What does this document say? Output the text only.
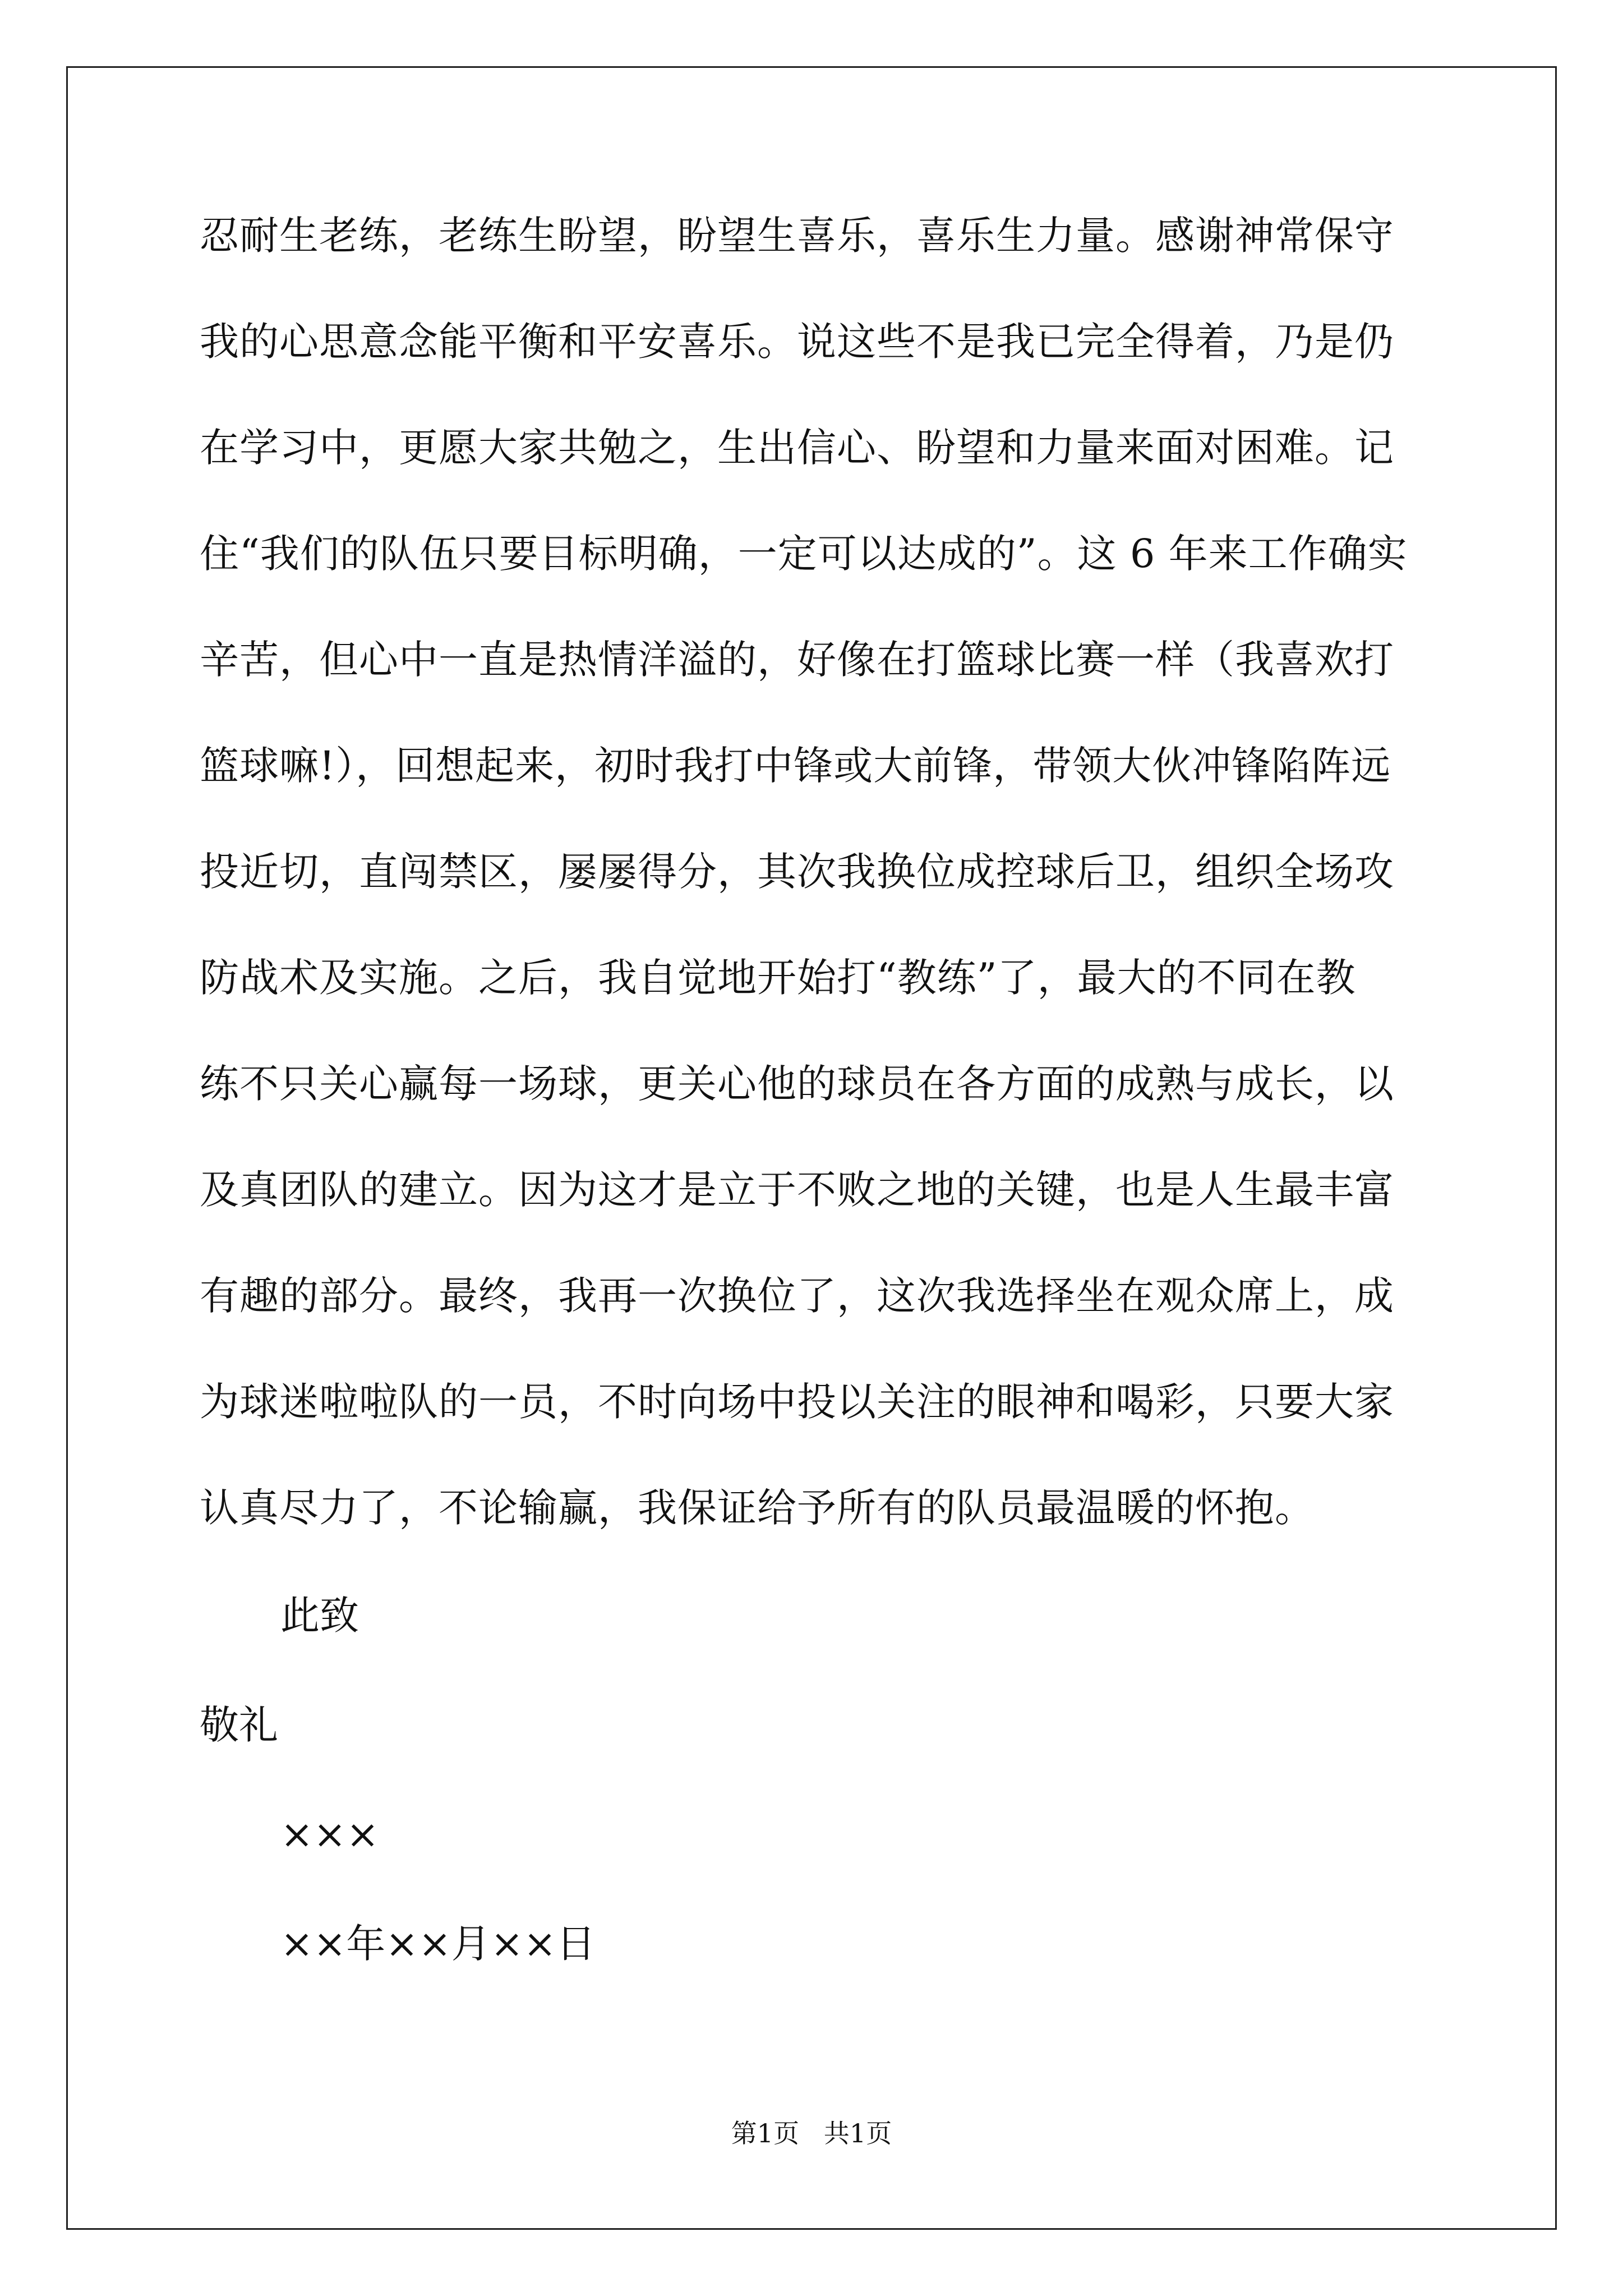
忍耐生老练，老练生盼望，盼望生喜乐，喜乐生力量。感谢神常保守
我的心思意念能平衡和平安喜乐。说这些不是我已完全得着，乃是仍
在学习中，更愿大家共勉之，生出信心、盼望和力量来面对困难。记
住“我们的队伍只要目标明确，一定可以达成的”。这 6 年来工作确实
辛苦，但心中一直是热情洋溢的，好像在打篮球比赛一样（我喜欢打
篮球嘛!），回想起来，初时我打中锋或大前锋，带领大伙冲锋陷阵远
投近切，直闯禁区，屡屡得分，其次我换位成控球后卫，组织全场攻
防战术及实施。之后，我自觉地开始打“教练”了，最大的不同在教
练不只关心赢每一场球，更关心他的球员在各方面的成熟与成长，以
及真团队的建立。因为这才是立于不败之地的关键，也是人生最丰富
有趣的部分。最终，我再一次换位了，这次我选择坐在观众席上，成
为球迷啦啦队的一员，不时向场中投以关注的眼神和喝彩，只要大家
认真尽力了，不论输赢，我保证给予所有的队员最温暖的怀抱。
此致
敬礼
×××
××年××月××日
第1页   共1页
